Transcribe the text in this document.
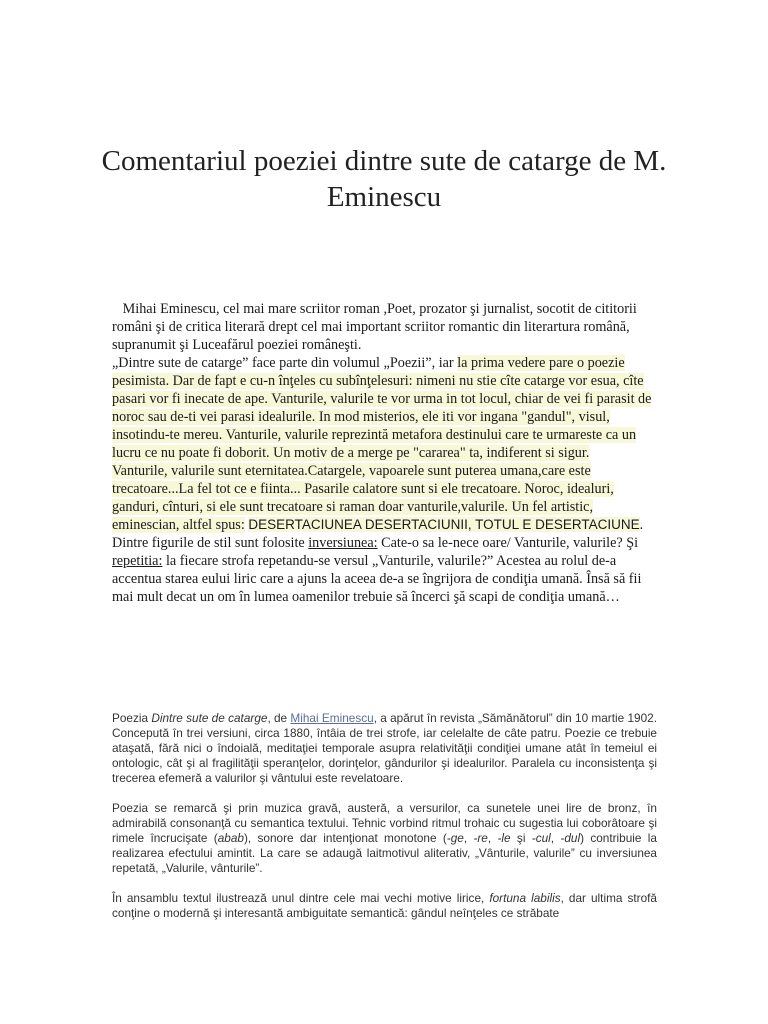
Comentariul poeziei dintre sute de catarge de M. Eminescu

Mihai Eminescu, cel mai mare scriitor roman ,Poet, prozator şi jurnalist, socotit de cititorii români şi de critica literară drept cel mai important scriitor romantic din literartura română, supranumit şi Luceafărul poeziei româneşti.

„Dintre sute de catarge” face parte din volumul „Poezii”, iar la prima vedere pare o poezie pesimista. Dar de fapt e cu-n înţeles cu subînţelesuri: nimeni nu stie cîte catarge vor esua, cîte pasari vor fi inecate de ape. Vanturile, valurile te vor urma in tot locul, chiar de vei fi parasit de noroc sau de-ti vei parasi idealurile. In mod misterios, ele iti vor ingana "gandul", visul, insotindu-te mereu. Vanturile, valurile reprezintă metafora destinului care te urmareste ca un lucru ce nu poate fi doborit. Un motiv de a merge pe "cararea" ta, indiferent si sigur.

Vanturile, valurile sunt eternitatea.Catargele, vapoarele sunt puterea umana,care este trecatoare...La fel tot ce e fiinta... Pasarile calatore sunt si ele trecatoare. Noroc, idealuri, ganduri, cînturi, si ele sunt trecatoare si raman doar vanturile,valurile. Un fel artistic, eminescian, altfel spus: DESERTACIUNEA DESERTACIUNII, TOTUL E DESERTACIUNE.

Dintre figurile de stil sunt folosite inversiunea: Cate-o sa le-nece oare/ Vanturile, valurile? Şi repetitia: la fiecare strofa repetandu-se versul „Vanturile, valurile?” Acestea au rolul de-a accentua starea eului liric care a ajuns la aceea de-a se îngrijora de condiţia umană. Însă să fii mai mult decat un om în lumea oamenilor trebuie să încerci şă scapi de condiţia umană…

Poezia Dintre sute de catarge, de Mihai Eminescu, a apărut în revista „Sămănătorul” din 10 martie 1902. Concepută în trei versiuni, circa 1880, întâia de trei strofe, iar celelalte de câte patru. Poezie ce trebuie ataşată, fără nici o îndoială, meditaţiei temporale asupra relativităţii condiţiei umane atât în temeiul ei ontologic, cât şi al fragilităţii speranţelor, dorinţelor, gândurilor şi idealurilor. Paralela cu inconsistenţa şi trecerea efemeră a valurilor şi vântului este revelatoare.

Poezia se remarcă şi prin muzica gravă, austeră, a versurilor, ca sunetele unei lire de bronz, în admirabilă consonanţă cu semantica textului. Tehnic vorbind ritmul trohaic cu sugestia lui coborâtoare şi rimele încrucişate (abab), sonore dar intenţionat monotone (-ge, -re, -le şi -cul, -dul) contribuie la realizarea efectului amintit. La care se adaugă laitmotivul aliterativ, „Vânturile, valurile” cu inversiunea repetată, „Valurile, vânturile”.

În ansamblu textul ilustrează unul dintre cele mai vechi motive lirice, fortuna labilis, dar ultima strofă conţine o modernă şi interesantă ambiguitate semantică: gândul neînţeles ce străbate
